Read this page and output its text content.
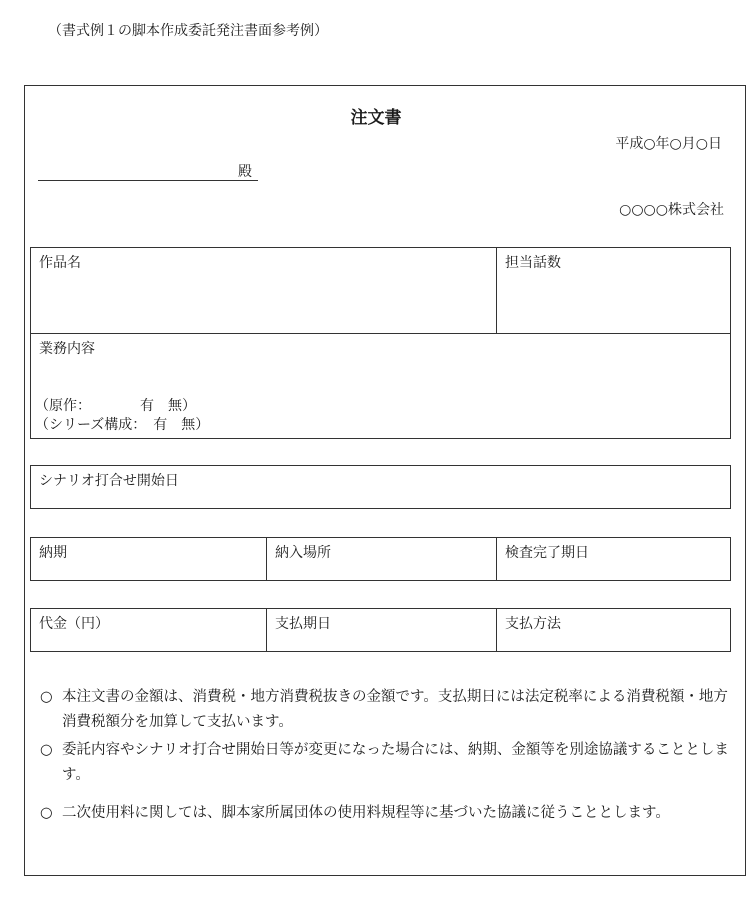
（書式例１の脚本作成委託発注書面参考例）
注文書
平成○年○月○日
殿
○○○○株式会社
作品名	担当話数
業務内容
（原作：　　　　有　無）
（シリーズ構成：　有　無）
シナリオ打合せ開始日
納期	納入場所	検査完了期日
代金（円）	支払期日	支払方法
○ 本注文書の金額は、消費税・地方消費税抜きの金額です。支払期日には法定税率による消費税額・地方消費税額分を加算して支払います。
○ 委託内容やシナリオ打合せ開始日等が変更になった場合には、納期、金額等を別途協議することとします。
○ 二次使用料に関しては、脚本家所属団体の使用料規程等に基づいた協議に従うこととします。
